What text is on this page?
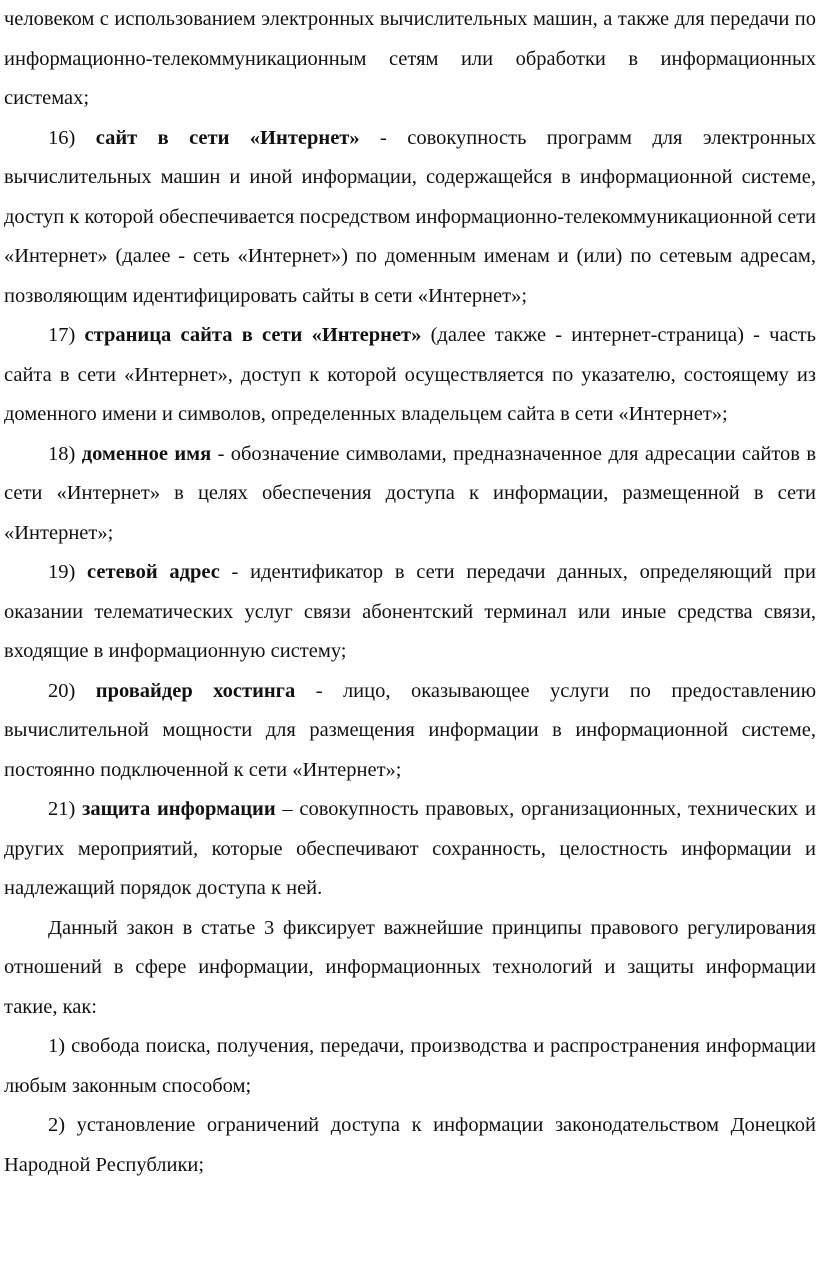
человеком с использованием электронных вычислительных машин, а также для передачи по информационно-телекоммуникационным сетям или обработки в информационных системах;

16) сайт в сети «Интернет» - совокупность программ для электронных вычислительных машин и иной информации, содержащейся в информационной системе, доступ к которой обеспечивается посредством информационно-телекоммуникационной сети «Интернет» (далее - сеть «Интернет») по доменным именам и (или) по сетевым адресам, позволяющим идентифицировать сайты в сети «Интернет»;

17) страница сайта в сети «Интернет» (далее также - интернет-страница) - часть сайта в сети «Интернет», доступ к которой осуществляется по указателю, состоящему из доменного имени и символов, определенных владельцем сайта в сети «Интернет»;

18) доменное имя - обозначение символами, предназначенное для адресации сайтов в сети «Интернет» в целях обеспечения доступа к информации, размещенной в сети «Интернет»;

19) сетевой адрес - идентификатор в сети передачи данных, определяющий при оказании телематических услуг связи абонентский терминал или иные средства связи, входящие в информационную систему;

20) провайдер хостинга - лицо, оказывающее услуги по предоставлению вычислительной мощности для размещения информации в информационной системе, постоянно подключенной к сети «Интернет»;

21) защита информации – совокупность правовых, организационных, технических и других мероприятий, которые обеспечивают сохранность, целостность информации и надлежащий порядок доступа к ней.

Данный закон в статье 3 фиксирует важнейшие принципы правового регулирования отношений в сфере информации, информационных технологий и защиты информации такие, как:

1) свобода поиска, получения, передачи, производства и распространения информации любым законным способом;

2) установление ограничений доступа к информации законодательством Донецкой Народной Республики;
